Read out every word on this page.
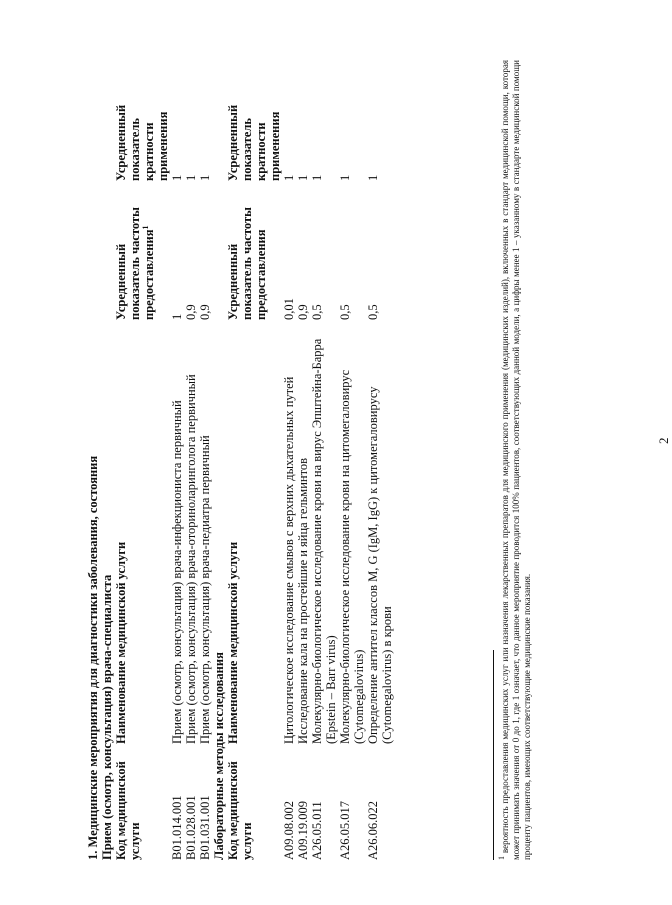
2
1. Медицинские мероприятия для диагностики заболевания, состояния Прием (осмотр, консультация) врача-специалиста Код медицинской услуги	Наименование медицинской услуги	Усредненный показатель частоты предоставления$^1$	Усредненный показатель кратности применения
B01.014.001	Прием (осмотр, консультация) врача-инфекциониста первичный	1	1
B01.028.001	Прием (осмотр, консультация) врача-оториноларинголога первичный	0,9	1
B01.031.001	Прием (осмотр, консультация) врача-педиатра первичный	0,9	1
Лабораторные методы исследования Код медицинской услуги	Наименование медицинской услуги	Усредненный показатель частоты предоставления	Усредненный показатель кратности применения
A09.08.002	Цитологическое исследование смывов с верхних дыхательных путей	0,01	1
A09.19.009	Исследование кала на простейшие и яйца гельминтов	0,9	1
A26.05.011	Молекулярно-биологическое исследование крови на вирус Эпштейна-Барра (Epstein – Barr virus)	0,5	1
A26.05.017	Молекулярно-биологическое исследование крови на цитомегаловирус (Cytomegalovirus)	0,5	1
A26.06.022	Определение антител классов M, G (IgM, IgG) к цитомегаловирусу (Cytomegalovirus) в крови	0,5	1
$^1$ вероятность предоставления медицинских услуг или назначения лекарственных препаратов для медицинского применения (медицинских изделий), включенных в стандарт медицинской помощи, которая может принимать значения от 0 до 1, где 1 означает, что данное мероприятие проводится 100% пациентов, соответствующих данной модели, а цифры менее 1 – указанному в стандарте медицинской помощи проценту пациентов, имеющих соответствующие медицинские показания.
